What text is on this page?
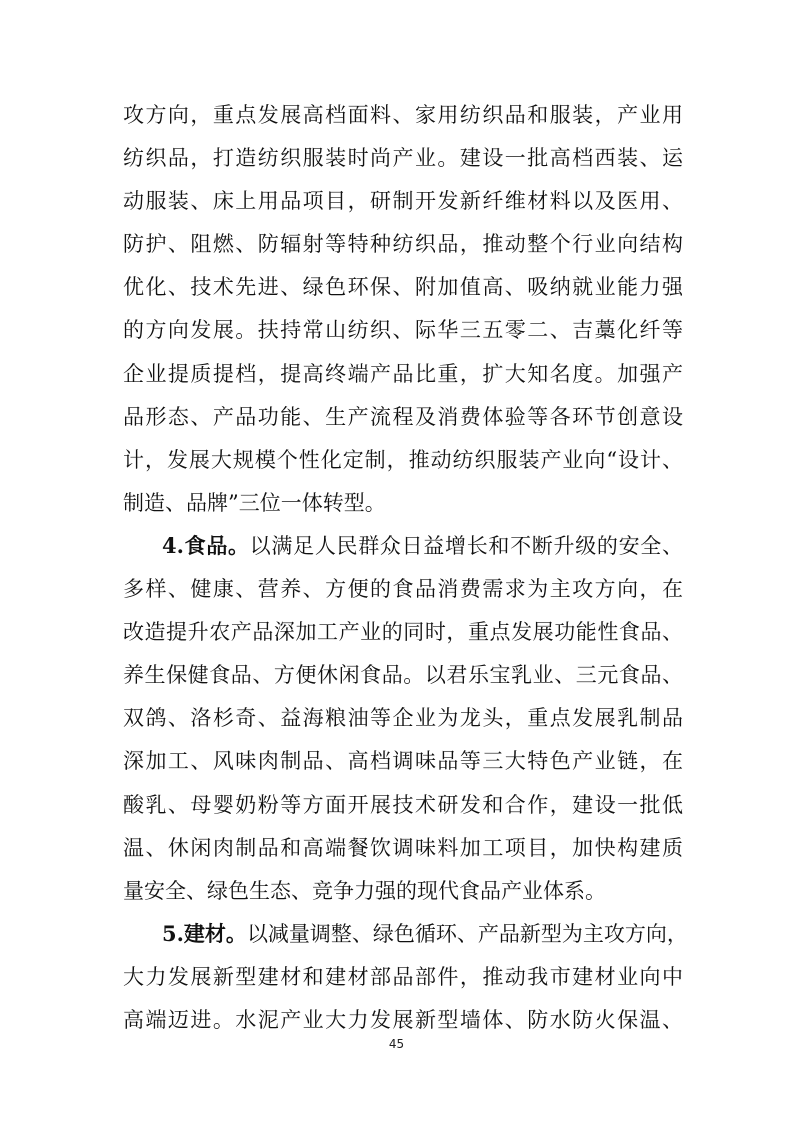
攻方向，重点发展高档面料、家用纺织品和服装，产业用
纺织品，打造纺织服装时尚产业。建设一批高档西装、运
动服装、床上用品项目，研制开发新纤维材料以及医用、
防护、阻燃、防辐射等特种纺织品，推动整个行业向结构
优化、技术先进、绿色环保、附加值高、吸纳就业能力强
的方向发展。扶持常山纺织、际华三五零二、吉藁化纤等
企业提质提档，提高终端产品比重，扩大知名度。加强产
品形态、产品功能、生产流程及消费体验等各环节创意设
计，发展大规模个性化定制，推动纺织服装产业向“设计、
制造、品牌”三位一体转型。
4.食品。以满足人民群众日益增长和不断升级的安全、
多样、健康、营养、方便的食品消费需求为主攻方向，在
改造提升农产品深加工产业的同时，重点发展功能性食品、
养生保健食品、方便休闲食品。以君乐宝乳业、三元食品、
双鸽、洛杉奇、益海粮油等企业为龙头，重点发展乳制品
深加工、风味肉制品、高档调味品等三大特色产业链，在
酸乳、母婴奶粉等方面开展技术研发和合作，建设一批低
温、休闲肉制品和高端餐饮调味料加工项目，加快构建质
量安全、绿色生态、竞争力强的现代食品产业体系。
5.建材。以减量调整、绿色循环、产品新型为主攻方向，
大力发展新型建材和建材部品部件，推动我市建材业向中
高端迈进。水泥产业大力发展新型墙体、防水防火保温、
45
